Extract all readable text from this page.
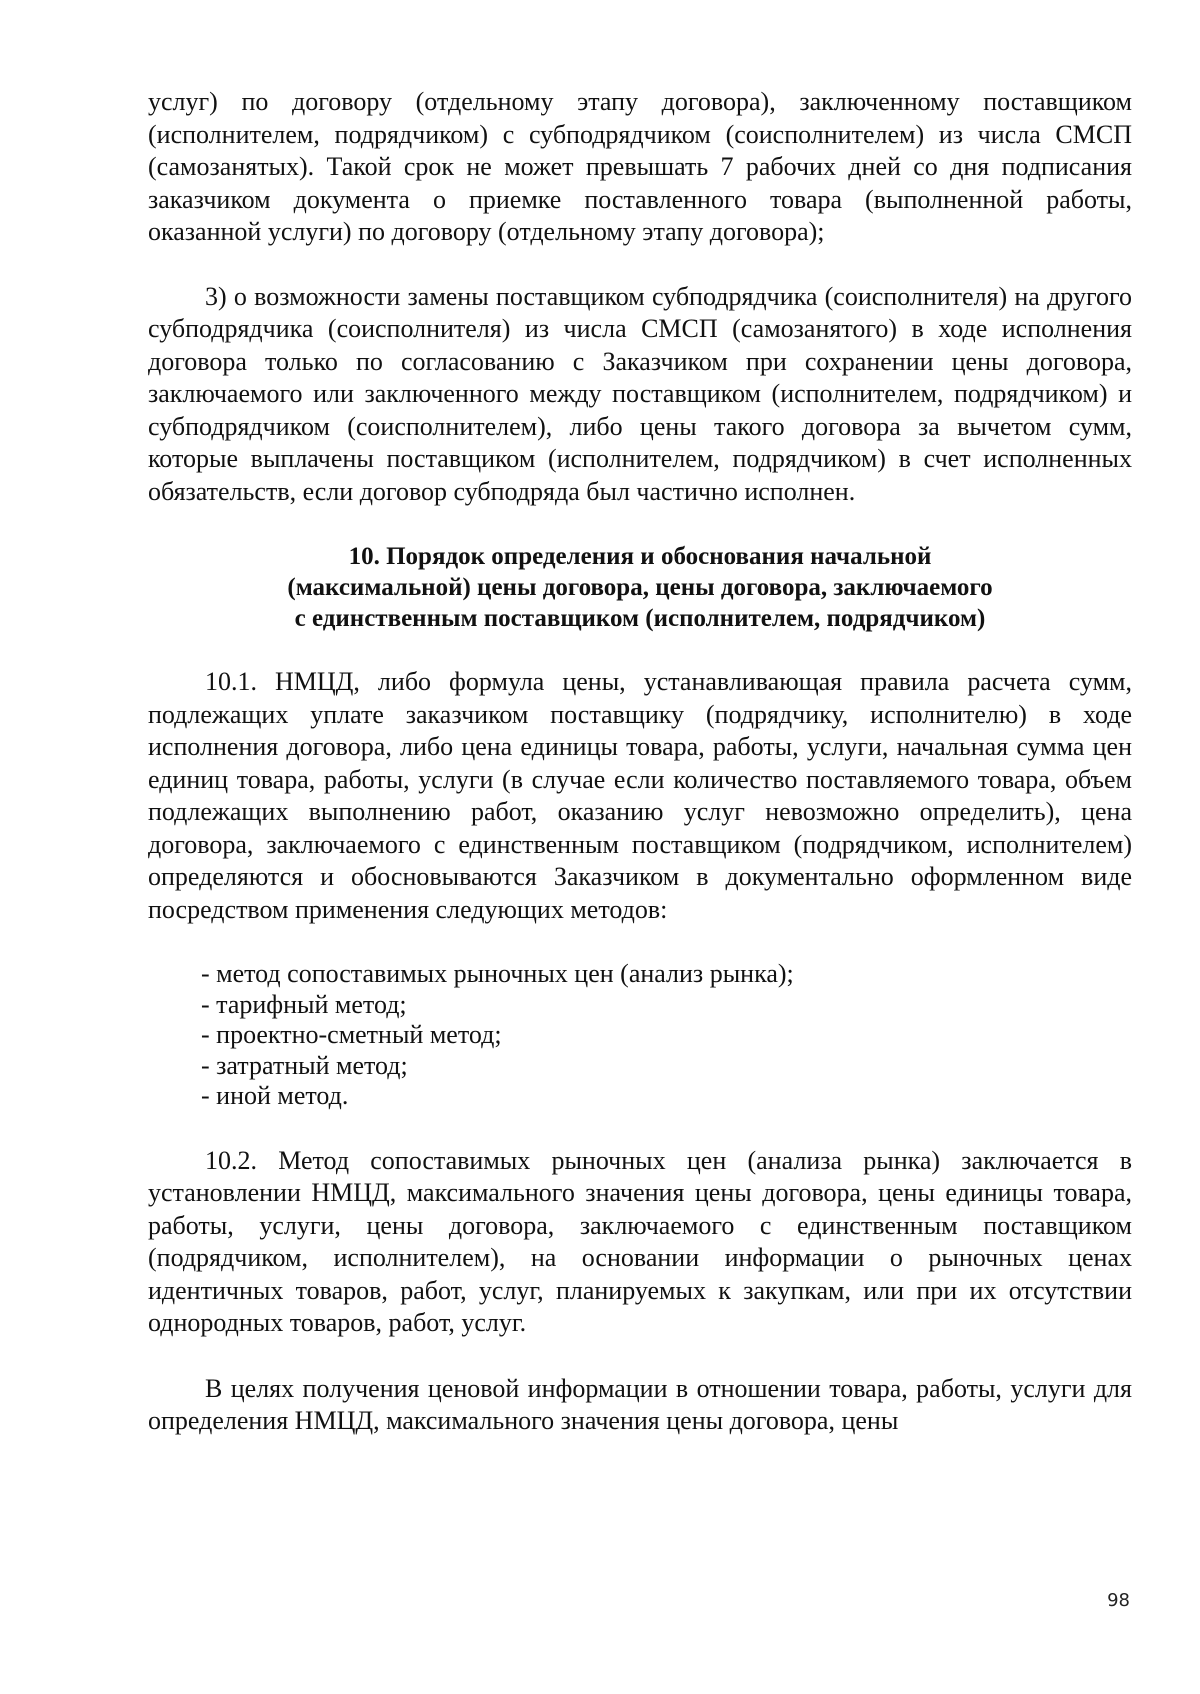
услуг) по договору (отдельному этапу договора), заключенному поставщиком (исполнителем, подрядчиком) с субподрядчиком (соисполнителем) из числа СМСП (самозанятых). Такой срок не может превышать 7 рабочих дней со дня подписания заказчиком документа о приемке поставленного товара (выполненной работы, оказанной услуги) по договору (отдельному этапу договора);

3) о возможности замены поставщиком субподрядчика (соисполнителя) на другого субподрядчика (соисполнителя) из числа СМСП (самозанятого) в ходе исполнения договора только по согласованию с Заказчиком при сохранении цены договора, заключаемого или заключенного между поставщиком (исполнителем, подрядчиком) и субподрядчиком (соисполнителем), либо цены такого договора за вычетом сумм, которые выплачены поставщиком (исполнителем, подрядчиком) в счет исполненных обязательств, если договор субподряда был частично исполнен.

10. Порядок определения и обоснования начальной
(максимальной) цены договора, цены договора, заключаемого
с единственным поставщиком (исполнителем, подрядчиком)

10.1. НМЦД, либо формула цены, устанавливающая правила расчета сумм, подлежащих уплате заказчиком поставщику (подрядчику, исполнителю) в ходе исполнения договора, либо цена единицы товара, работы, услуги, начальная сумма цен единиц товара, работы, услуги (в случае если количество поставляемого товара, объем подлежащих выполнению работ, оказанию услуг невозможно определить), цена договора, заключаемого с единственным поставщиком (подрядчиком, исполнителем) определяются и обосновываются Заказчиком в документально оформленном виде посредством применения следующих методов:

- метод сопоставимых рыночных цен (анализ рынка);
- тарифный метод;
- проектно-сметный метод;
- затратный метод;
- иной метод.

10.2. Метод сопоставимых рыночных цен (анализа рынка) заключается в установлении НМЦД, максимального значения цены договора, цены единицы товара, работы, услуги, цены договора, заключаемого с единственным поставщиком (подрядчиком, исполнителем), на основании информации о рыночных ценах идентичных товаров, работ, услуг, планируемых к закупкам, или при их отсутствии однородных товаров, работ, услуг.

В целях получения ценовой информации в отношении товара, работы, услуги для определения НМЦД, максимального значения цены договора, цены

98
